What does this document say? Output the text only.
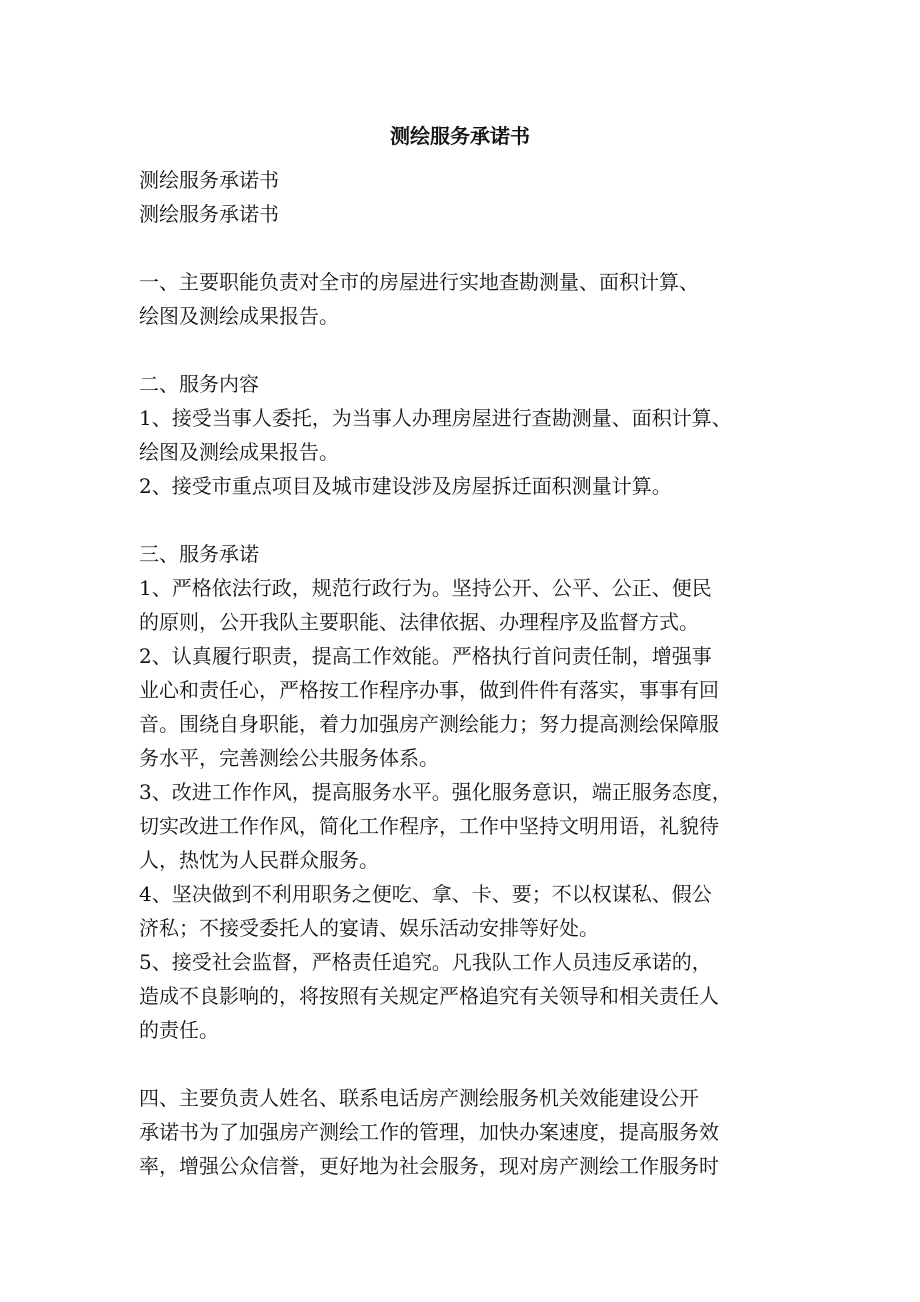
测绘服务承诺书
测绘服务承诺书
测绘服务承诺书
一、主要职能负责对全市的房屋进行实地查勘测量、面积计算、
绘图及测绘成果报告。
二、服务内容
1、接受当事人委托，为当事人办理房屋进行查勘测量、面积计算、
绘图及测绘成果报告。
2、接受市重点项目及城市建设涉及房屋拆迁面积测量计算。
三、服务承诺
1、严格依法行政，规范行政行为。坚持公开、公平、公正、便民
的原则，公开我队主要职能、法律依据、办理程序及监督方式。
2、认真履行职责，提高工作效能。严格执行首问责任制，增强事
业心和责任心，严格按工作程序办事，做到件件有落实，事事有回
音。围绕自身职能，着力加强房产测绘能力；努力提高测绘保障服
务水平，完善测绘公共服务体系。
3、改进工作作风，提高服务水平。强化服务意识，端正服务态度，
切实改进工作作风，简化工作程序，工作中坚持文明用语，礼貌待
人，热忱为人民群众服务。
4、坚决做到不利用职务之便吃、拿、卡、要；不以权谋私、假公
济私；不接受委托人的宴请、娱乐活动安排等好处。
5、接受社会监督，严格责任追究。凡我队工作人员违反承诺的，
造成不良影响的，将按照有关规定严格追究有关领导和相关责任人
的责任。
四、主要负责人姓名、联系电话房产测绘服务机关效能建设公开
承诺书为了加强房产测绘工作的管理，加快办案速度，提高服务效
率，增强公众信誉，更好地为社会服务，现对房产测绘工作服务时
